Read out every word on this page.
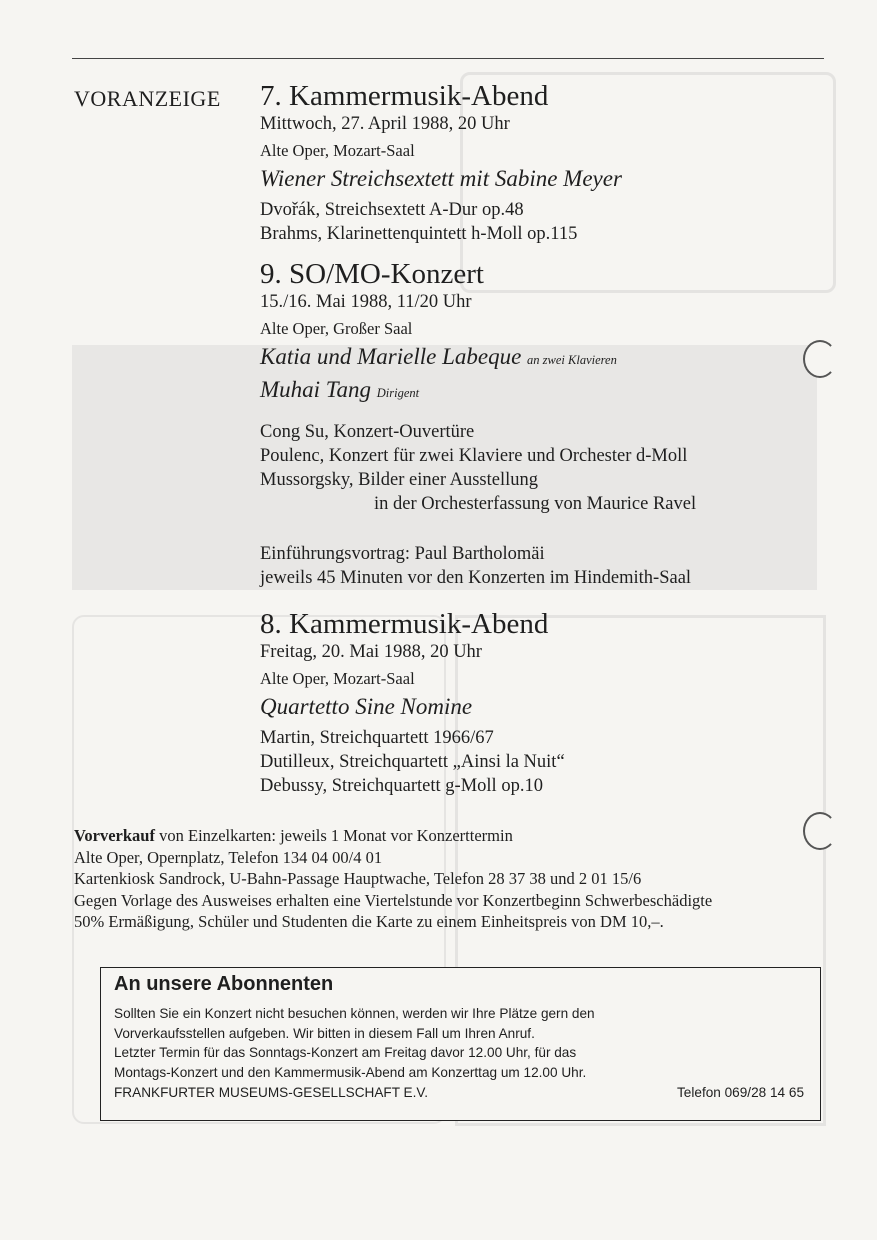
VORANZEIGE 7. Kammermusik-Abend

Mittwoch, 27. April 1988, 20 Uhr

Alte Oper, Mozart-Saal

Wiener Streichsextett mit Sabine Meyer

Dvořák, Streichsextett A-Dur op.48

Brahms, Klarinettenquintett h-Moll op.115

9. SO/MO-Konzert

15./16. Mai 1988, 11/20 Uhr

Alte Oper, Großer Saal

Katia und Marielle Labeque an zwei Klavieren

Muhai Tang Dirigent

Cong Su, Konzert-Ouvertüre

Poulenc, Konzert für zwei Klaviere und Orchester d-Moll

Mussorgsky, Bilder einer Ausstellung

in der Orchesterfassung von Maurice Ravel

Einführungsvortrag: Paul Bartholomäi

jeweils 45 Minuten vor den Konzerten im Hindemith-Saal

8. Kammermusik-Abend

Freitag, 20. Mai 1988, 20 Uhr

Alte Oper, Mozart-Saal

Quartetto Sine Nomine

Martin, Streichquartett 1966/67

Dutilleux, Streichquartett „Ainsi la Nuit“

Debussy, Streichquartett g-Moll op.10

Vorverkauf von Einzelkarten: jeweils 1 Monat vor Konzerttermin

Alte Oper, Opernplatz, Telefon 134 04 00/4 01

Kartenkiosk Sandrock, U-Bahn-Passage Hauptwache, Telefon 28 37 38 und 2 01 15/6

Gegen Vorlage des Ausweises erhalten eine Viertelstunde vor Konzertbeginn Schwerbeschädigte

50% Ermäßigung, Schüler und Studenten die Karte zu einem Einheitspreis von DM 10,–.

An unsere Abonnenten

Sollten Sie ein Konzert nicht besuchen können, werden wir Ihre Plätze gern den

Vorverkaufsstellen aufgeben. Wir bitten in diesem Fall um Ihren Anruf.

Letzter Termin für das Sonntags-Konzert am Freitag davor 12.00 Uhr, für das

Montags-Konzert und den Kammermusik-Abend am Konzerttag um 12.00 Uhr.

FRANKFURTER MUSEUMS-GESELLSCHAFT E.V.	Telefon 069/28 14 65
